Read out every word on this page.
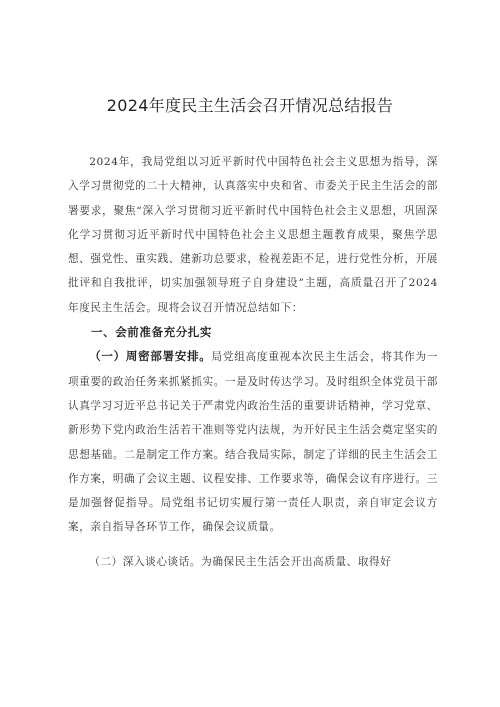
2024年度民主生活会召开情况总结报告

2024年，我局党组以习近平新时代中国特色社会主义思想为指导，深入学习贯彻党的二十大精神，认真落实中央和省、市委关于民主生活会的部署要求，聚焦“深入学习贯彻习近平新时代中国特色社会主义思想，巩固深化学习贯彻习近平新时代中国特色社会主义思想主题教育成果，聚焦学思想、强党性、重实践、建新功总要求，检视差距不足，进行党性分析，开展批评和自我批评，切实加强领导班子自身建设”主题，高质量召开了2024年度民主生活会。现将会议召开情况总结如下：

一、会前准备充分扎实

（一）周密部署安排。局党组高度重视本次民主生活会，将其作为一项重要的政治任务来抓紧抓实。一是及时传达学习。及时组织全体党员干部认真学习习近平总书记关于严肃党内政治生活的重要讲话精神，学习党章、新形势下党内政治生活若干准则等党内法规，为开好民主生活会奠定坚实的思想基础。二是制定工作方案。结合我局实际，制定了详细的民主生活会工作方案，明确了会议主题、议程安排、工作要求等，确保会议有序进行。三是加强督促指导。局党组书记切实履行第一责任人职责，亲自审定会议方案，亲自指导各环节工作，确保会议质量。

（二）深入谈心谈话。为确保民主生活会开出高质量、取得好
